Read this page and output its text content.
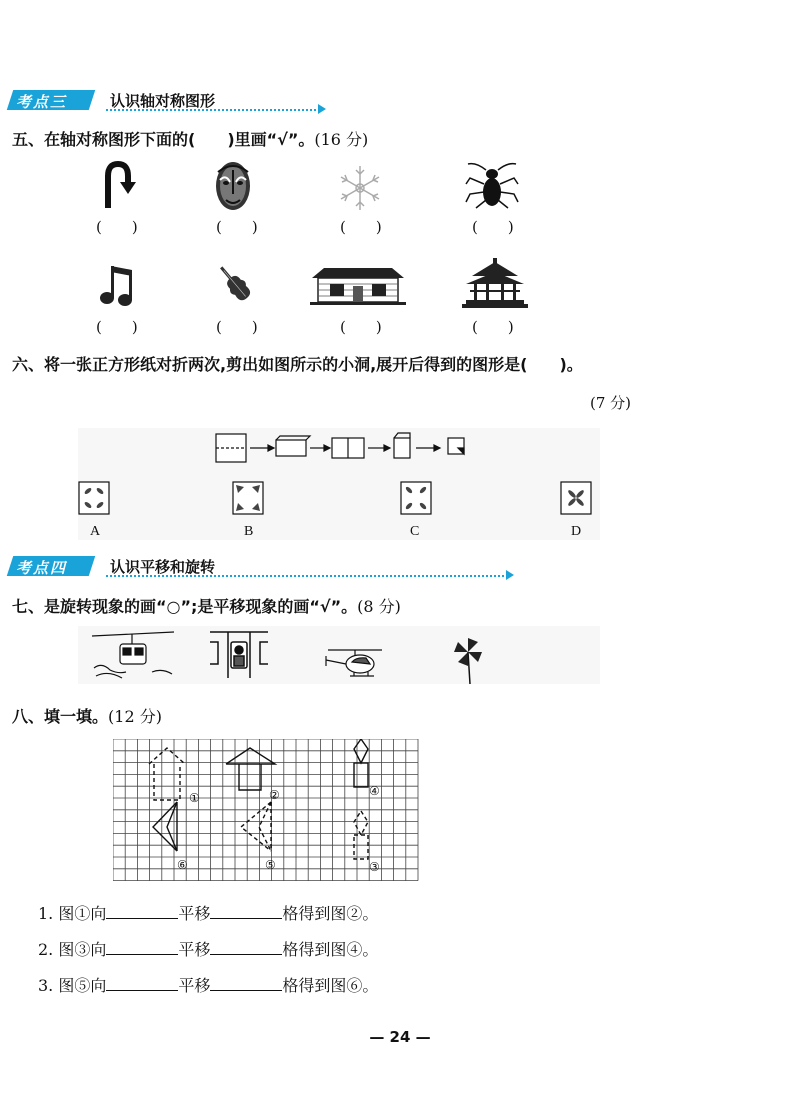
考点三	认识轴对称图形
五、在轴对称图形下面的(　　)里画“√”。(16 分)
(　　)	(　　)	(　　)	(　　)
(　　)	(　　)	(　　)	(　　)
六、将一张正方形纸对折两次,剪出如图所示的小洞,展开后得到的图形是(　　)。
(7 分)
A	B	C	D
考点四	认识平移和旋转
七、是旋转现象的画“○”;是平移现象的画“√”。(8 分)
八、填一填。(12 分)
①	②
③
④
⑤
⑥
1. 图①向	平移	格得到图②。
2. 图③向	平移	格得到图④。
3. 图⑤向	平移	格得到图⑥。
— 24 —
